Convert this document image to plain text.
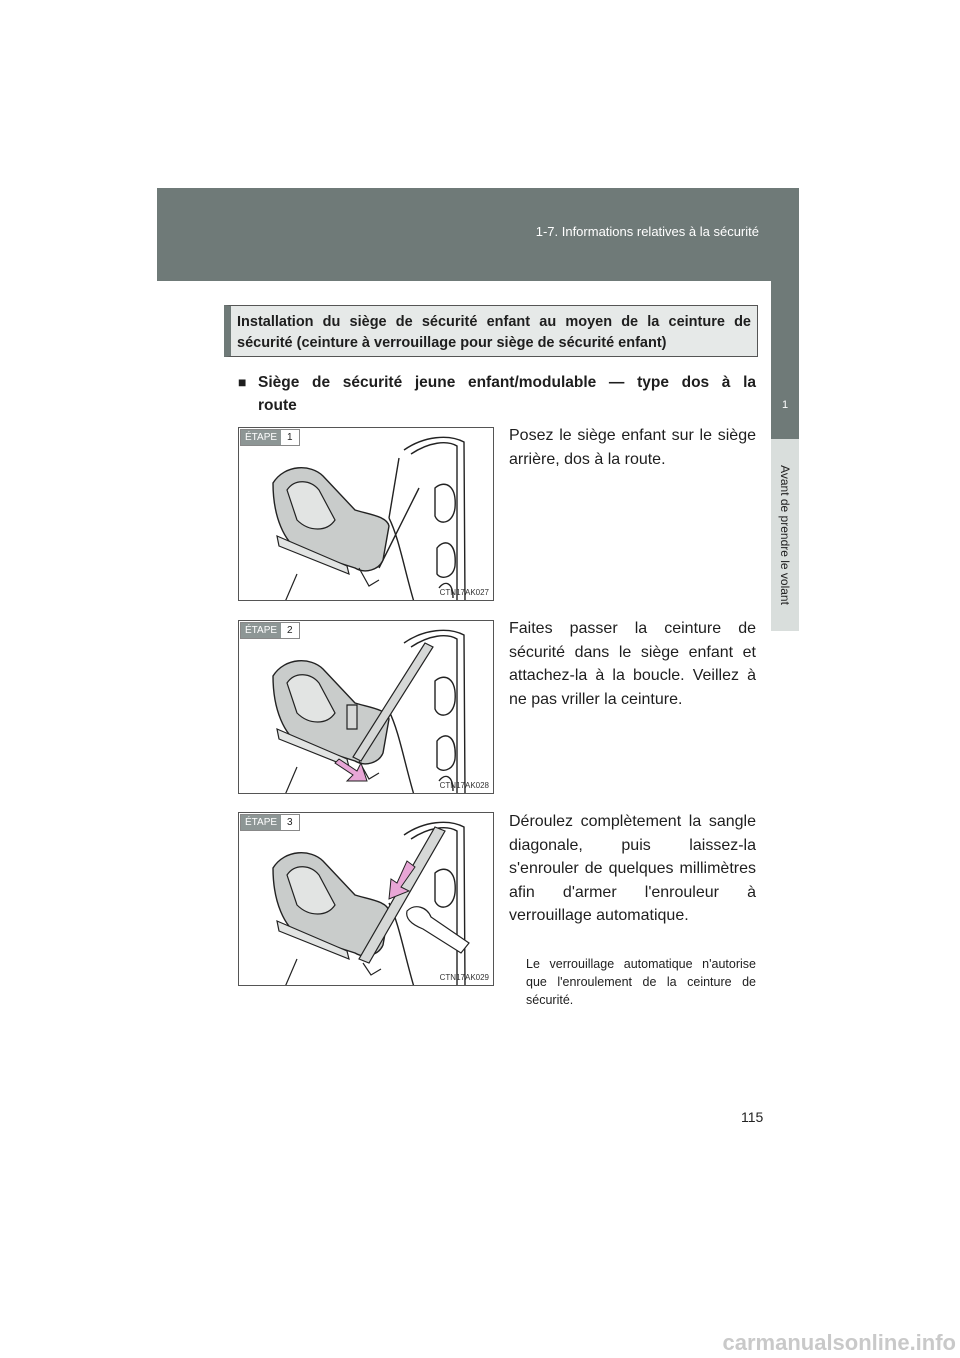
1-7. Informations relatives à la sécurité
1
Avant de prendre le volant

Installation du siège de sécurité enfant au moyen de la ceinture de sécurité (ceinture à verrouillage pour siège de sécurité enfant)

■ Siège de sécurité jeune enfant/modulable — type dos à la route
ÉTAPE	1
CTN17AK027
ÉTAPE	2
CTN17AK028
ÉTAPE	3
CTN17AK029
Posez le siège enfant sur le siège arrière, dos à la route.
Faites passer la ceinture de sécurité dans le siège enfant et attachez-la à la boucle. Veillez à ne pas vriller la ceinture.
Déroulez complètement la sangle diagonale, puis laissez-la s'enrouler de quelques millimètres afin d'armer l'enrouleur à verrouillage automatique.
Le verrouillage automatique n'autorise que l'enroulement de la ceinture de sécurité.
115
carmanualsonline.info
